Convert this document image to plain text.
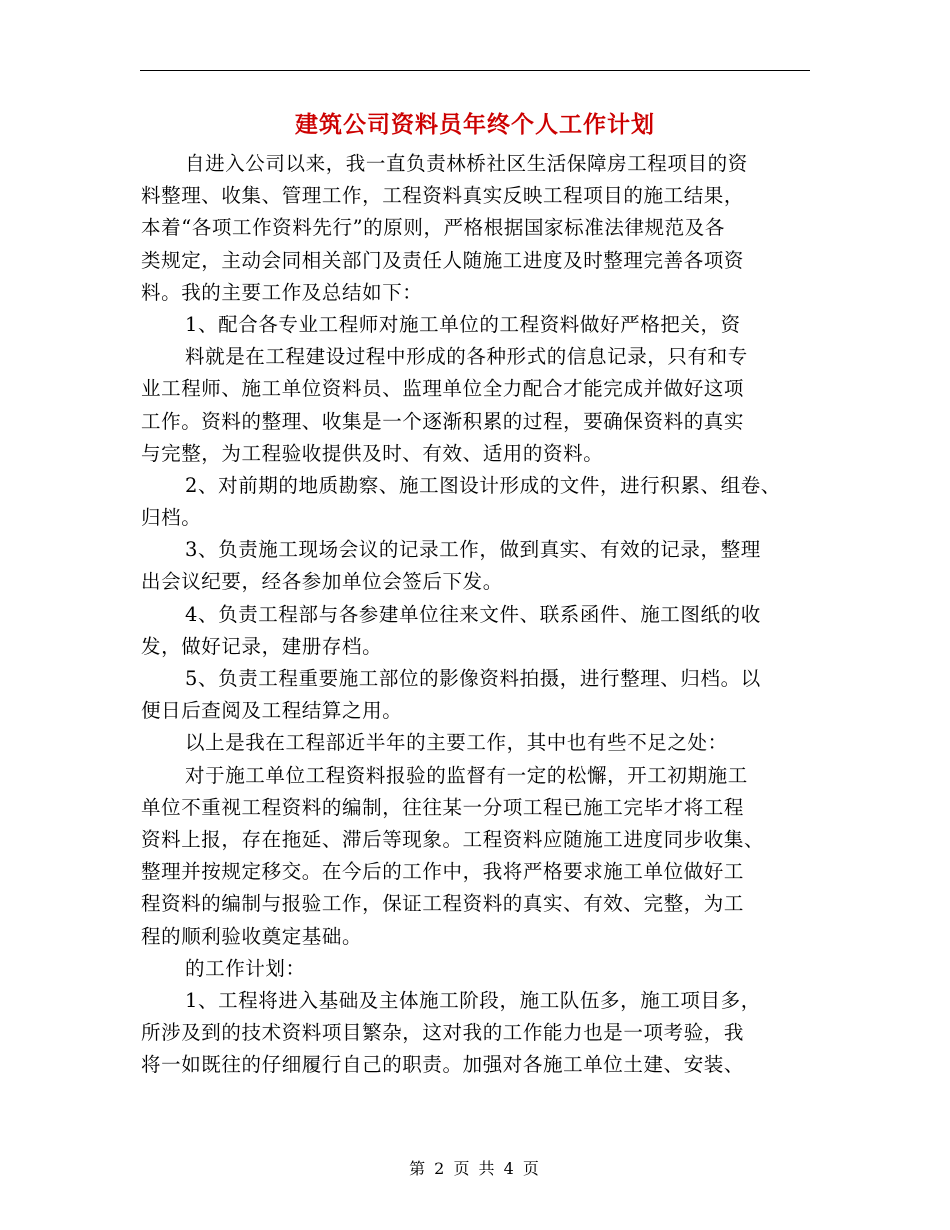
建筑公司资料员年终个人工作计划
自进入公司以来，我一直负责林桥社区生活保障房工程项目的资
料整理、收集、管理工作，工程资料真实反映工程项目的施工结果，
本着“各项工作资料先行”的原则，严格根据国家标准法律规范及各
类规定，主动会同相关部门及责任人随施工进度及时整理完善各项资
料。我的主要工作及总结如下：
1、配合各专业工程师对施工单位的工程资料做好严格把关，资
料就是在工程建设过程中形成的各种形式的信息记录，只有和专
业工程师、施工单位资料员、监理单位全力配合才能完成并做好这项
工作。资料的整理、收集是一个逐渐积累的过程，要确保资料的真实
与完整，为工程验收提供及时、有效、适用的资料。
2、对前期的地质勘察、施工图设计形成的文件，进行积累、组卷、
归档。
3、负责施工现场会议的记录工作，做到真实、有效的记录，整理
出会议纪要，经各参加单位会签后下发。
4、负责工程部与各参建单位往来文件、联系函件、施工图纸的收
发，做好记录，建册存档。
5、负责工程重要施工部位的影像资料拍摄，进行整理、归档。以
便日后查阅及工程结算之用。
以上是我在工程部近半年的主要工作，其中也有些不足之处：
对于施工单位工程资料报验的监督有一定的松懈，开工初期施工
单位不重视工程资料的编制，往往某一分项工程已施工完毕才将工程
资料上报，存在拖延、滞后等现象。工程资料应随施工进度同步收集、
整理并按规定移交。在今后的工作中，我将严格要求施工单位做好工
程资料的编制与报验工作，保证工程资料的真实、有效、完整，为工
程的顺利验收奠定基础。
的工作计划：
1、工程将进入基础及主体施工阶段，施工队伍多，施工项目多，
所涉及到的技术资料项目繁杂，这对我的工作能力也是一项考验，我
将一如既往的仔细履行自己的职责。加强对各施工单位土建、安装、
第 2 页 共 4 页
